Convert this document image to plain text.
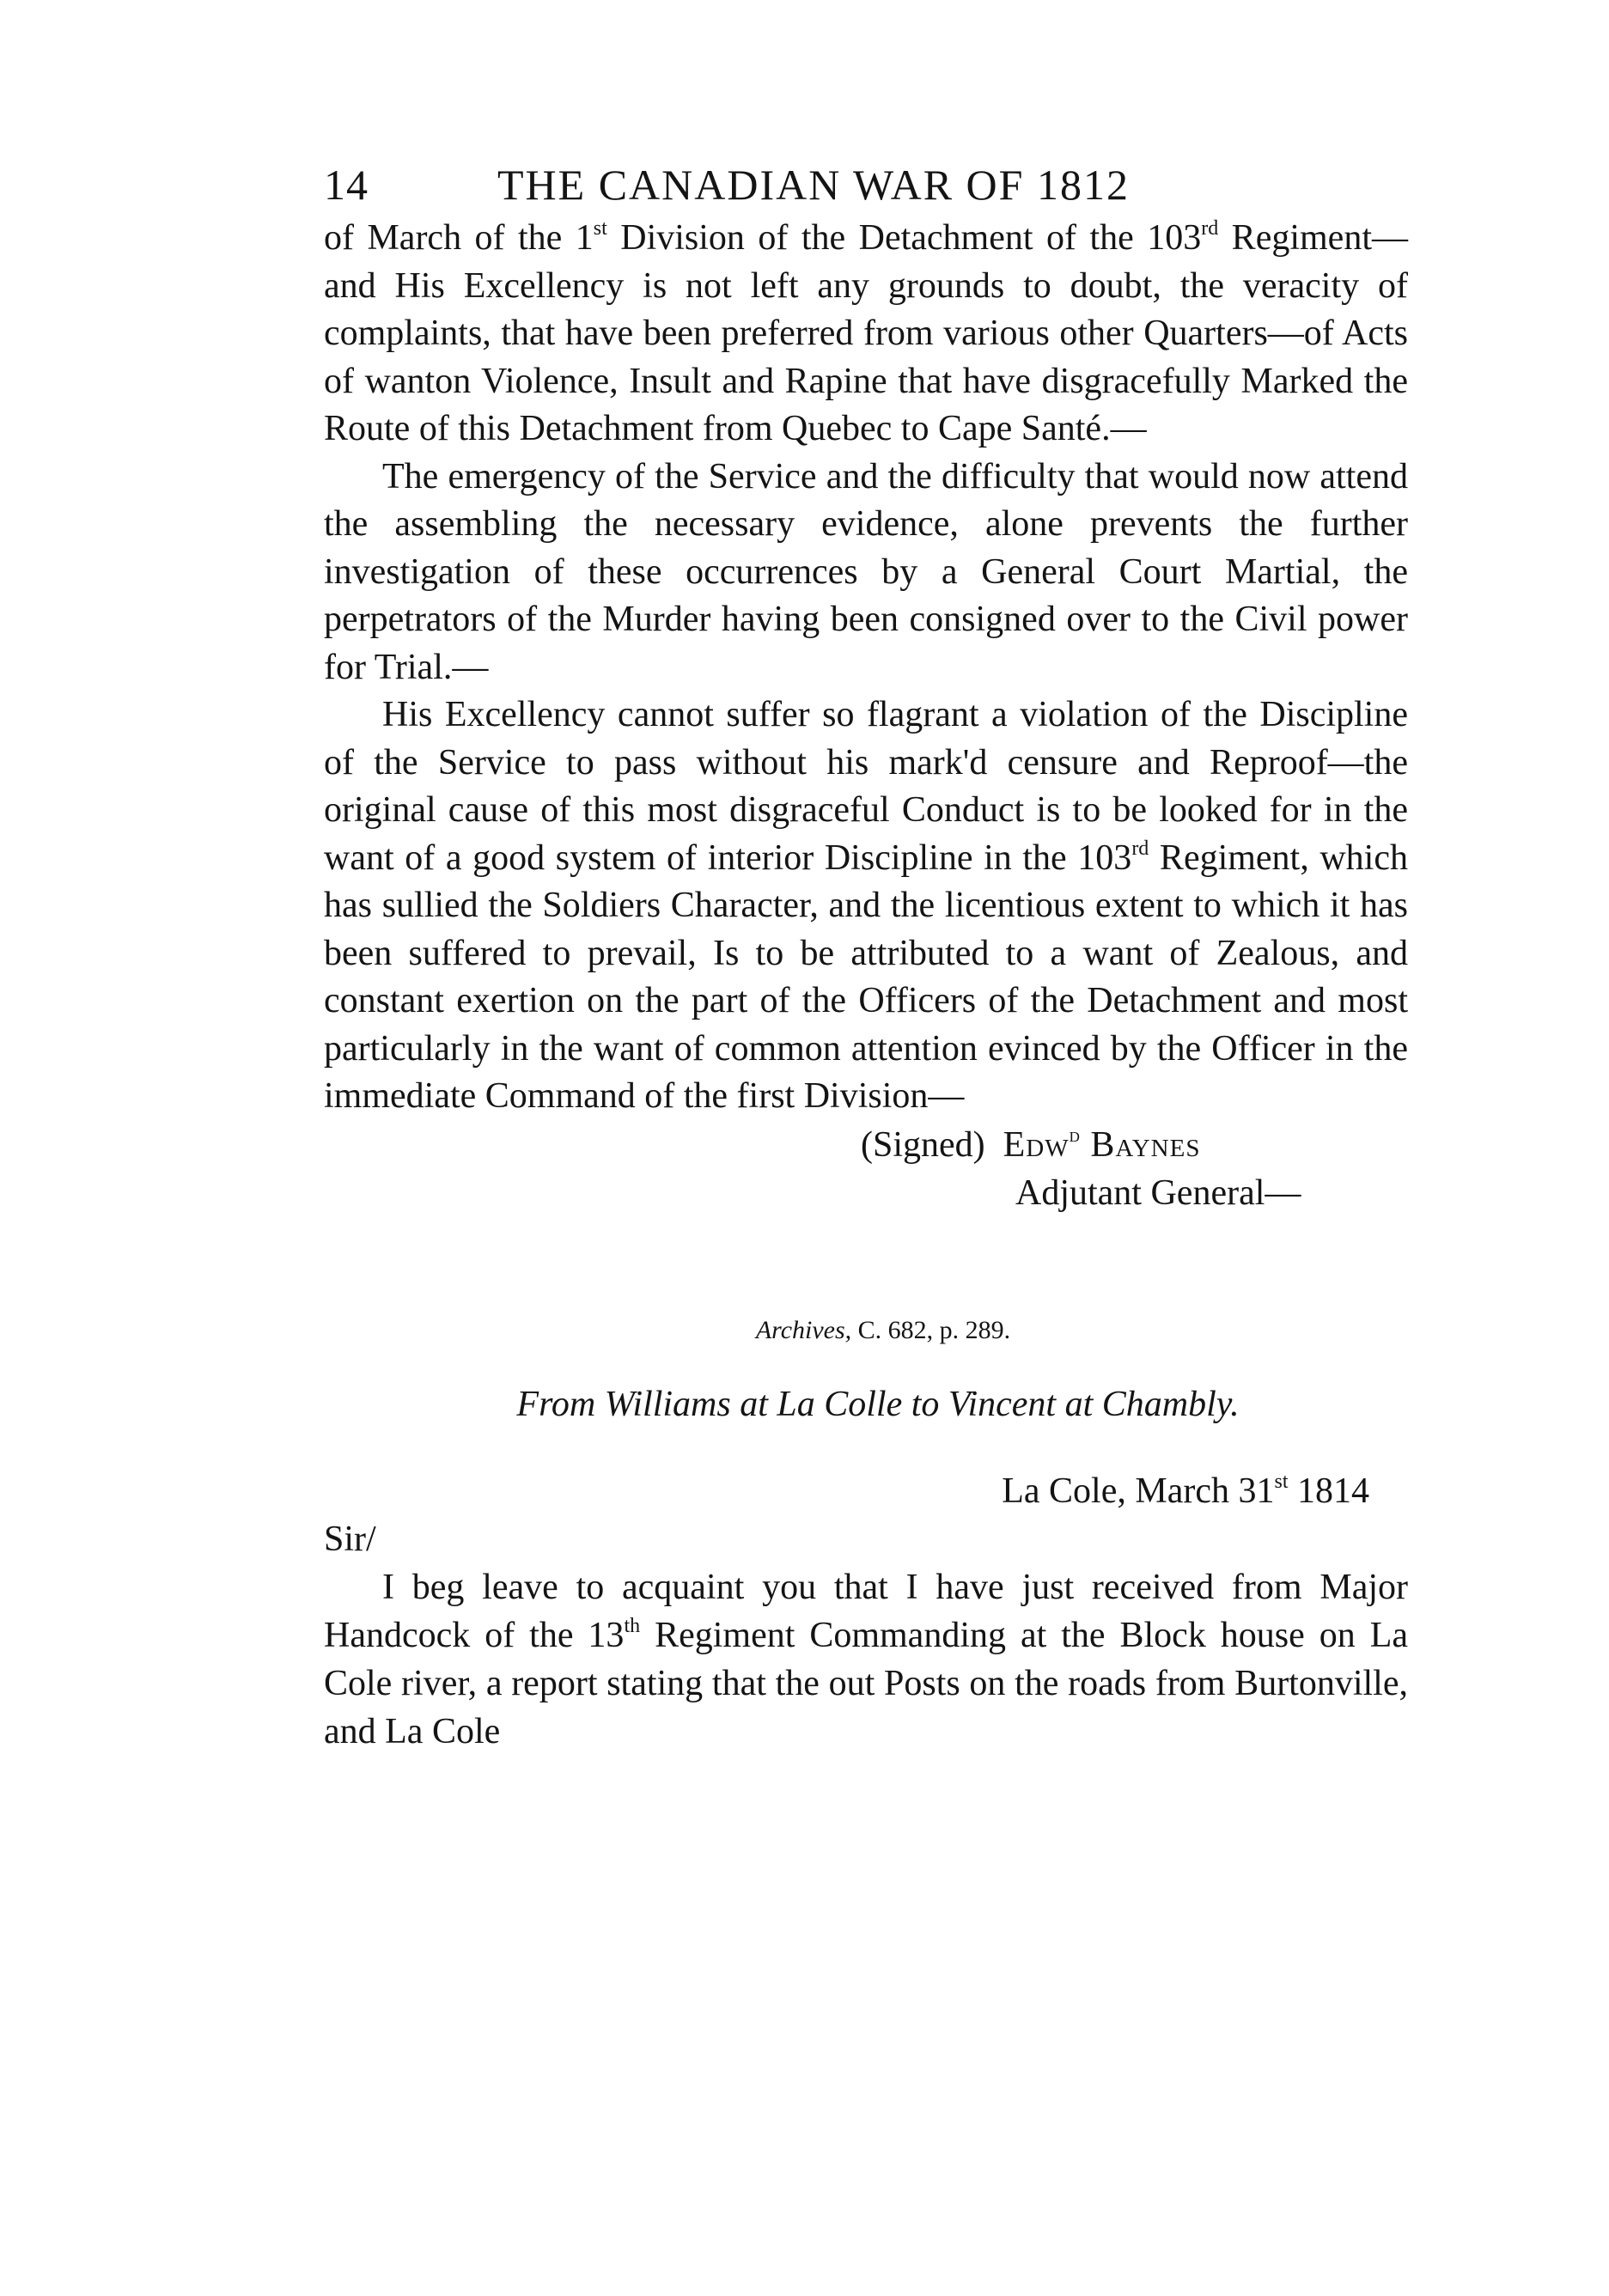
14	THE CANADIAN WAR OF 1812

of March of the 1st Division of the Detachment of the 103rd Regiment—and His Excellency is not left any grounds to doubt, the veracity of complaints, that have been preferred from various other Quarters—of Acts of wanton Violence, Insult and Rapine that have disgracefully Marked the Route of this Detachment from Quebec to Cape Santé.—

The emergency of the Service and the difficulty that would now attend the assembling the necessary evidence, alone prevents the further investigation of these occurrences by a General Court Martial, the perpetrators of the Murder having been consigned over to the Civil power for Trial.—

His Excellency cannot suffer so flagrant a violation of the Discipline of the Service to pass without his mark'd censure and Reproof—the original cause of this most disgraceful Conduct is to be looked for in the want of a good system of interior Discipline in the 103rd Regiment, which has sullied the Soldiers Character, and the licentious extent to which it has been suffered to prevail, Is to be attributed to a want of Zealous, and constant exertion on the part of the Officers of the Detachment and most particularly in the want of common attention evinced by the Officer in the immediate Command of the first Division—

(Signed) Edw$^d$ Baynes
Adjutant General—
Archives, C. 682, p. 289.
From Williams at La Colle to Vincent at Chambly.
La Cole, March 31st 1814
Sir/

I beg leave to acquaint you that I have just received from Major Handcock of the 13th Regiment Commanding at the Block house on La Cole river, a report stating that the out Posts on the roads from Burtonville, and La Cole
